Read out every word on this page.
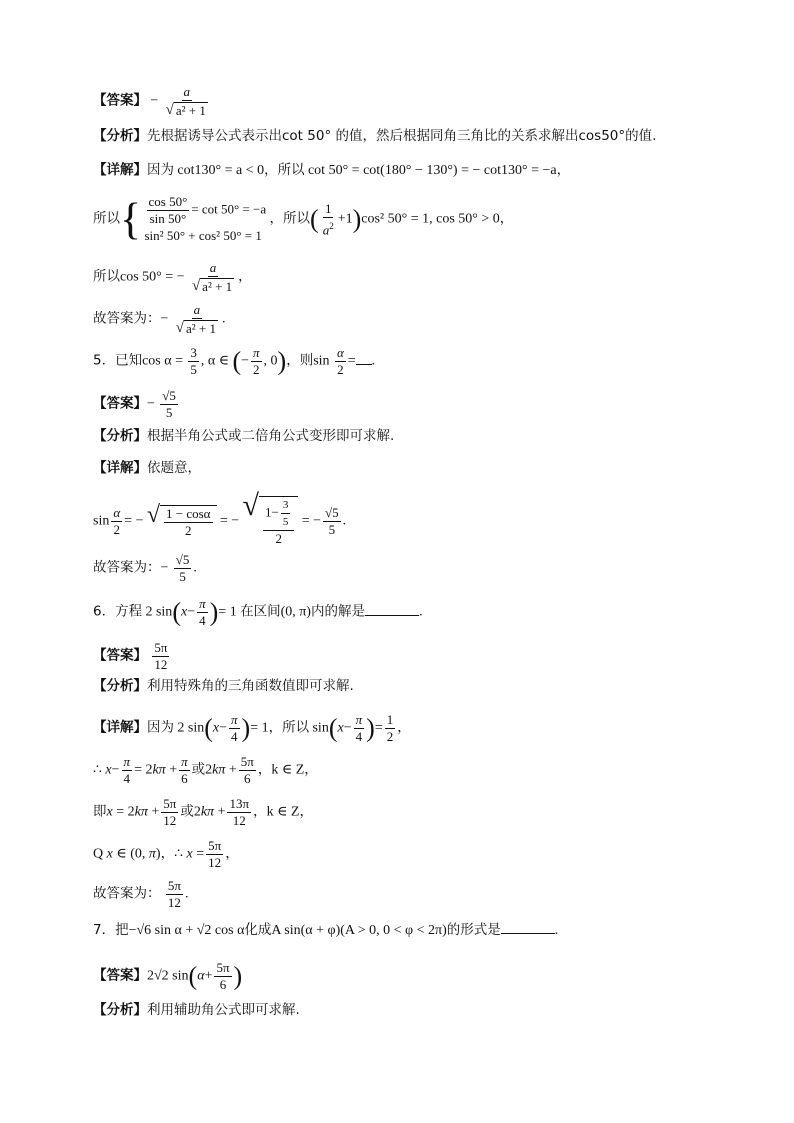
【答案】 − $\frac{a}{\text{√ a² + 1}}$
【分析】先根据诱导公式表示出cot 50° 的值，然后根据同角三角比的关系求解出cos50°的值.
【详解】因为 cot130° = a < 0，所以 cot 50° = cot(180° − 130°) = − cot130° = −a，
所以{ $\frac{\cos 50^\circ}{\sin 50^\circ} = \cot 50^\circ = -a$
sin² 50° + cos² 50° = 1
，所以( $\frac{1}{a^2} +1)\cos^2$ 50° = 1, cos 50° > 0，
所以cos 50° = − $\frac{a}{\text{√ a² + 1}}$ ，
故答案为：− $\frac{a}{\text{√ a² + 1}}$ .
5．已知$\cos \alpha = \frac{3}{5}$ , α ∈ (− $\frac{\pi}{2}$ , 0)，则$\sin \frac{\alpha}{2}$ = .
【答案】− $\frac{√5}{5}$
【分析】根据半角公式或二倍角公式变形即可求解.
【详解】依题意，
$\sin \frac{\alpha}{2}$ = − √ $\frac{1 - \cos\alpha}{2}$ = − √ $\frac{1- \frac{3}{5}}{2}$ = − $\frac{√5}{5}$ .
故答案为：− $\frac{√5}{5}$ .
6．方程 2 $\sin(x- \frac{\pi}{4}$ )= 1 在区间(0, π)内的解是	.
【答案】 $\frac{5\pi}{12}$
【分析】利用特殊角的三角函数值即可求解.
【详解】因为 2 $\sin(x- \frac{\pi}{4}$ )= 1，所以 $\sin(x- \frac{\pi}{4}$ )= $\frac{1}{2}$ ，
∴ $x- \frac{\pi}{4} = 2k\pi + \frac{\pi}{6}$ 或$2k\pi + \frac{5\pi}{6}$ ，k ∈ Z，
即$x = 2k\pi + \frac{5\pi}{12}$ 或$2k\pi + \frac{13\pi}{12}$ ，k ∈ Z，
Q x ∈ (0, π)，∴ $x = \frac{5\pi}{12}$ ，
故答案为： $\frac{5\pi}{12}$ .
7．把−√6 sin α + √2 cos α化成A sin(α + φ)(A > 0, 0 < φ < 2π)的形式是	.
【答案】2√2 $\sin(\alpha+ \frac{5\pi}{6}$ )
【分析】利用辅助角公式即可求解.
